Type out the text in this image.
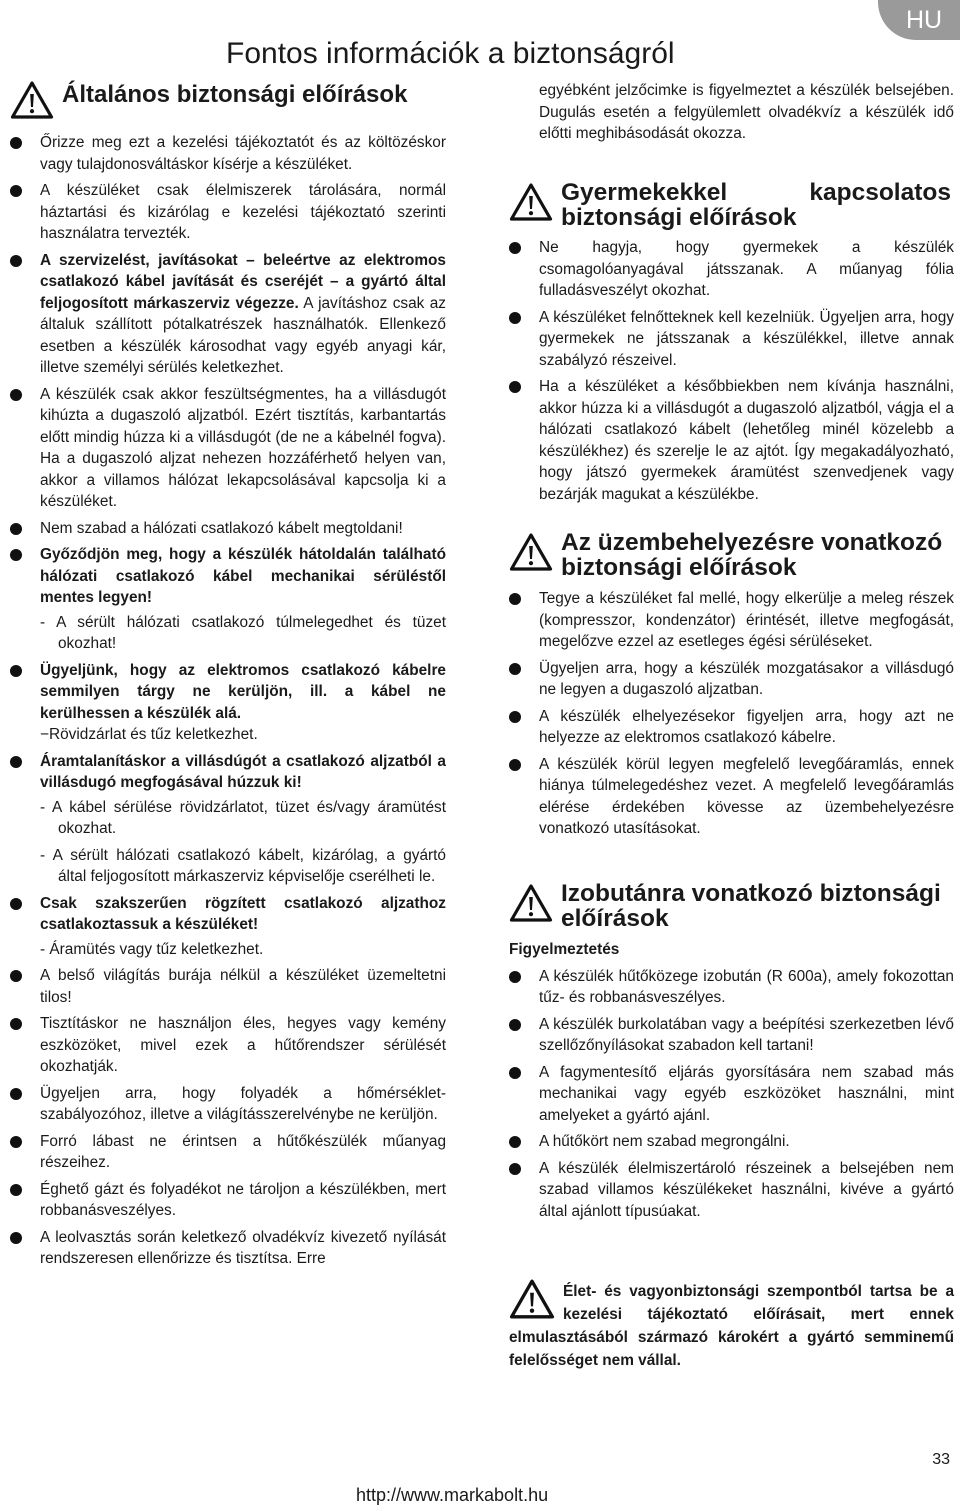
HU
Fontos információk a biztonságról
Általános biztonsági előírások
Őrizze meg ezt a kezelési tájékoztatót és az költözéskor vagy tulajdonosváltáskor kísérje a készüléket.
A készüléket csak élelmiszerek tárolására, normál háztartási és kizárólag e kezelési tájékoztató szerinti használatra tervezték.
A szervizelést, javításokat – beleértve az elektromos csatlakozó kábel javítását és cseréjét – a gyártó által feljogosított márkaszerviz végezze. A javításhoz csak az általuk szállított pótalkatrészek használhatók. Ellenkező esetben a készülék károsodhat vagy egyéb anyagi kár, illetve személyi sérülés keletkezhet.
A készülék csak akkor feszültségmentes, ha a villásdugót kihúzta a dugaszoló aljzatból. Ezért tisztítás, karbantartás előtt mindig húzza ki a villásdugót (de ne a kábelnél fogva). Ha a dugaszoló aljzat nehezen hozzáférhető helyen van, akkor a villamos hálózat lekapcsolásával kapcsolja ki a készüléket.
Nem szabad a hálózati csatlakozó kábelt megtoldani!
Győződjön meg, hogy a készülék hátoldalán található hálózati csatlakozó kábel mechanikai sérüléstől mentes legyen!
- A sérült hálózati csatlakozó túlmelegedhet és tüzet okozhat!
Ügyeljünk, hogy az elektromos csatlakozó kábelre semmilyen tárgy ne kerüljön, ill. a kábel ne kerülhessen a készülék alá.
−Rövidzárlat és tűz keletkezhet.
Áramtalanításkor a villásdúgót a csatlakozó aljzatból a villásdugó megfogásával húzzuk ki!
- A kábel sérülése rövidzárlatot, tüzet és/vagy áramütést okozhat.
- A sérült hálózati csatlakozó kábelt, kizárólag, a gyártó által feljogosított márkaszerviz képviselője cserélheti le.
Csak szakszerűen rögzített csatlakozó aljzathoz csatlakoztassuk a készüléket!
- Áramütés vagy tűz keletkezhet.
A belső világítás burája nélkül a készüléket üzemeltetni tilos!
Tisztításkor ne használjon éles, hegyes vagy kemény eszközöket, mivel ezek a hűtőrendszer sérülését okozhatják.
Ügyeljen arra, hogy folyadék a hőmérséklet-szabályozóhoz, illetve a világításszerelvénybe ne kerüljön.
Forró lábast ne érintsen a hűtőkészülék műanyag részeihez.
Éghető gázt és folyadékot ne tároljon a készülékben, mert robbanásveszélyes.
A leolvasztás során keletkező olvadékvíz kivezető nyílását rendszeresen ellenőrizze és tisztítsa. Erre
egyébként jelzőcimke is figyelmeztet a készülék belsejében. Dugulás esetén a felgyülemlett olvadékvíz a készülék idő előtti meghibásodását okozza.
Gyermekekkel kapcsolatos biztonsági előírások
Ne hagyja, hogy gyermekek a készülék csomagolóanyagával játsszanak. A műanyag fólia fulladásveszélyt okozhat.
A készüléket felnőtteknek kell kezelniük. Ügyeljen arra, hogy gyermekek ne játsszanak a készülékkel, illetve annak szabályzó részeivel.
Ha a készüléket a későbbiekben nem kívánja használni, akkor húzza ki a villásdugót a dugaszoló aljzatból, vágja el a hálózati csatlakozó kábelt (lehetőleg minél közelebb a készülékhez) és szerelje le az ajtót. Így megakadályozható, hogy játszó gyermekek áramütést szenvedjenek vagy bezárják magukat a készülékbe.
Az üzembehelyezésre vonatkozó biztonsági előírások
Tegye a készüléket fal mellé, hogy elkerülje a meleg részek (kompresszor, kondenzátor) érintését, illetve megfogását, megelőzve ezzel az esetleges égési sérüléseket.
Ügyeljen arra, hogy a készülék mozgatásakor a villásdugó ne legyen a dugaszoló aljzatban.
A készülék elhelyezésekor figyeljen arra, hogy azt ne helyezze az elektromos csatlakozó kábelre.
A készülék körül legyen megfelelő levegőáramlás, ennek hiánya túlmelegedéshez vezet. A megfelelő levegőáramlás elérése érdekében kövesse az üzembehelyezésre vonatkozó utasításokat.
Izobutánra vonatkozó biztonsági előírások
Figyelmeztetés
A készülék hűtőközege izobután (R 600a), amely fokozottan tűz- és robbanásveszélyes.
A készülék burkolatában vagy a beépítési szerkezetben lévő szellőzőnyílásokat szabadon kell tartani!
A fagymentesítő eljárás gyorsítására nem szabad más mechanikai vagy egyéb eszközöket használni, mint amelyeket a gyártó ajánl.
A hűtőkört nem szabad megrongálni.
A készülék élelmiszertároló részeinek a belsejében nem szabad villamos készülékeket használni, kivéve a gyártó által ajánlott típusúakat.
Élet- és vagyonbiztonsági szempontból tartsa be a kezelési tájékoztató előírásait, mert ennek elmulasztásából származó károkért a gyártó semminemű felelősséget nem vállal.
33
http://www.markabolt.hu
